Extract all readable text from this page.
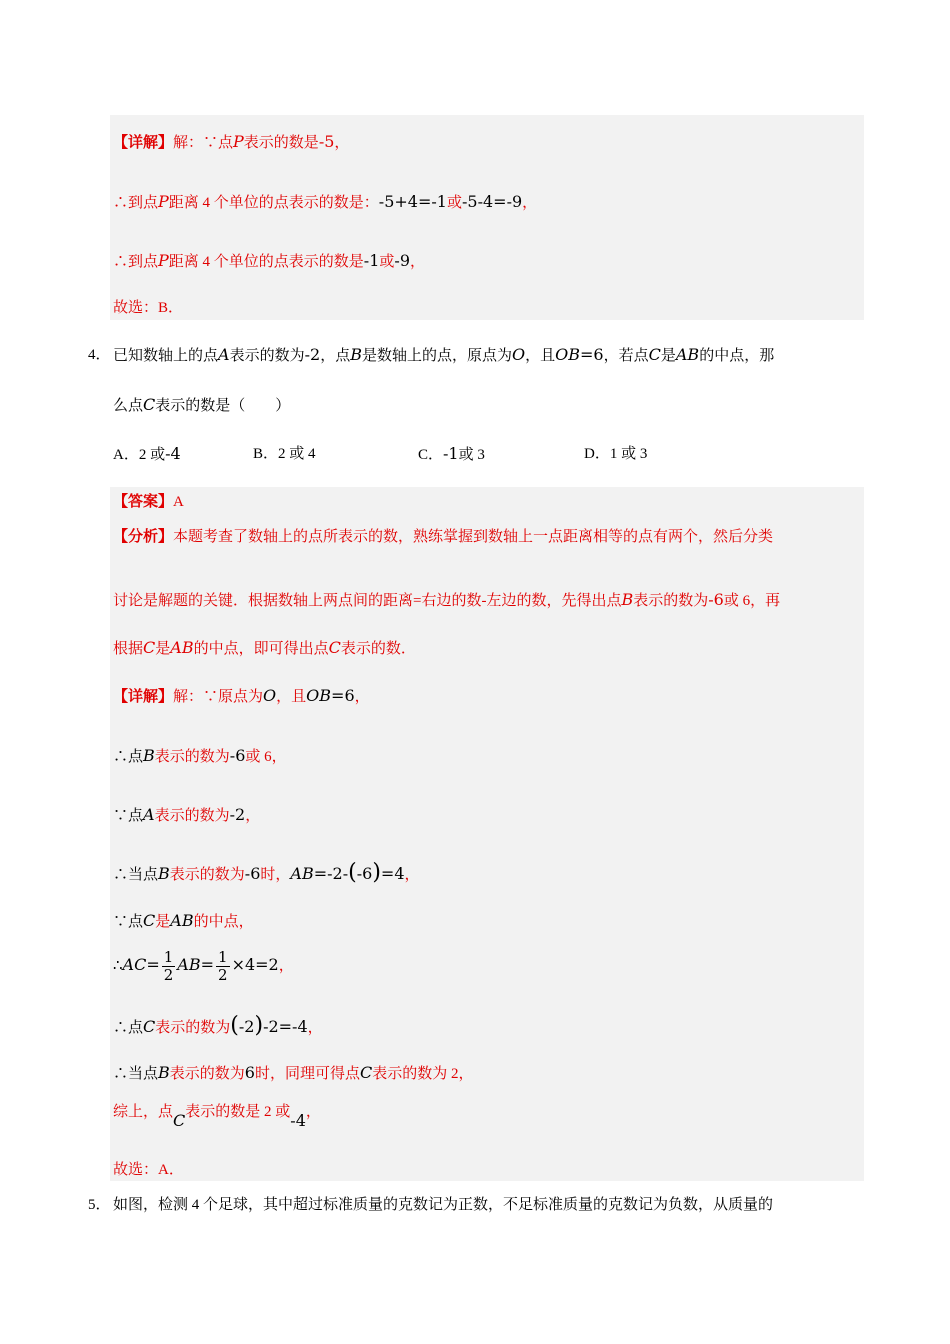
【详解】解：∵点P表示的数是-5，
∴到点P距离 4 个单位的点表示的数是：-5+4=-1或-5-4=-9，
∴到点P距离 4 个单位的点表示的数是-1或-9，
故选：B．
4． 已知数轴上的点A表示的数为-2，点B是数轴上的点，原点为O，且OB=6，若点C是AB的中点，那
么点C表示的数是（　　）
A．2 或-4	B．2 或 4	C．-1或 3	D．1 或 3
【答案】A
【分析】本题考查了数轴上的点所表示的数，熟练掌握到数轴上一点距离相等的点有两个，然后分类
讨论是解题的关键．根据数轴上两点间的距离=右边的数-左边的数，先得出点B表示的数为-6或 6，再
根据C是AB的中点，即可得出点C表示的数．
【详解】解：∵原点为O，且OB=6，
∴点B表示的数为-6或 6，
∵点A表示的数为-2，
∴当点B表示的数为-6时，AB=-2-(-6)=4，
∵点C是AB的中点，
∴AC= $\frac{1}{2} AB= \frac{1}{2} \times 4=2$，
∴点C表示的数为(-2)-2=-4，
∴当点B表示的数为6时，同理可得点C表示的数为 2，
综上，点C表示的数是 2 或-4，
故选：A．
5． 如图，检测 4 个足球，其中超过标准质量的克数记为正数，不足标准质量的克数记为负数，从质量的
